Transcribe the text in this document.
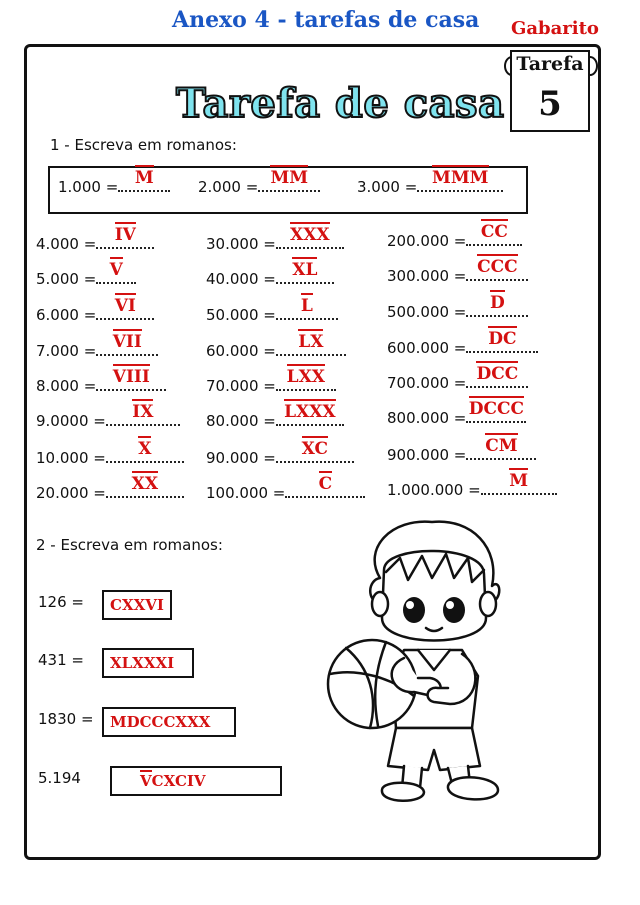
Anexo 4 - tarefas de casa Gabarito
Tarefa
5
Tarefa de casa
1 - Escreva em romanos:
1.000 = M	2.000 = MM	3.000 = MMM
4.000 =	IV
5.000 = V
6.000 =	VI
7.000 = VII
8.000 = VIII
9.0000 =	IX
10.000 =	X
20.000 =	XX
30.000 = XXX
40.000 = XL
50.000 =	L
60.000 =	LX
70.000 = LXX
80.000 = LXXX
90.000 =	XC
100.000 =	C
200.000 = CC
300.000 = CCC
500.000 =	D
600.000 =	DC
700.000 = DCC
800.000 = DCCC
900.000 =	CM
1.000.000 =	M
2 - Escreva em romanos:
126 =	CXXVI
431 =	XLXXXI
1830 =	MDCCCXXX
5.194	VCXCIV
